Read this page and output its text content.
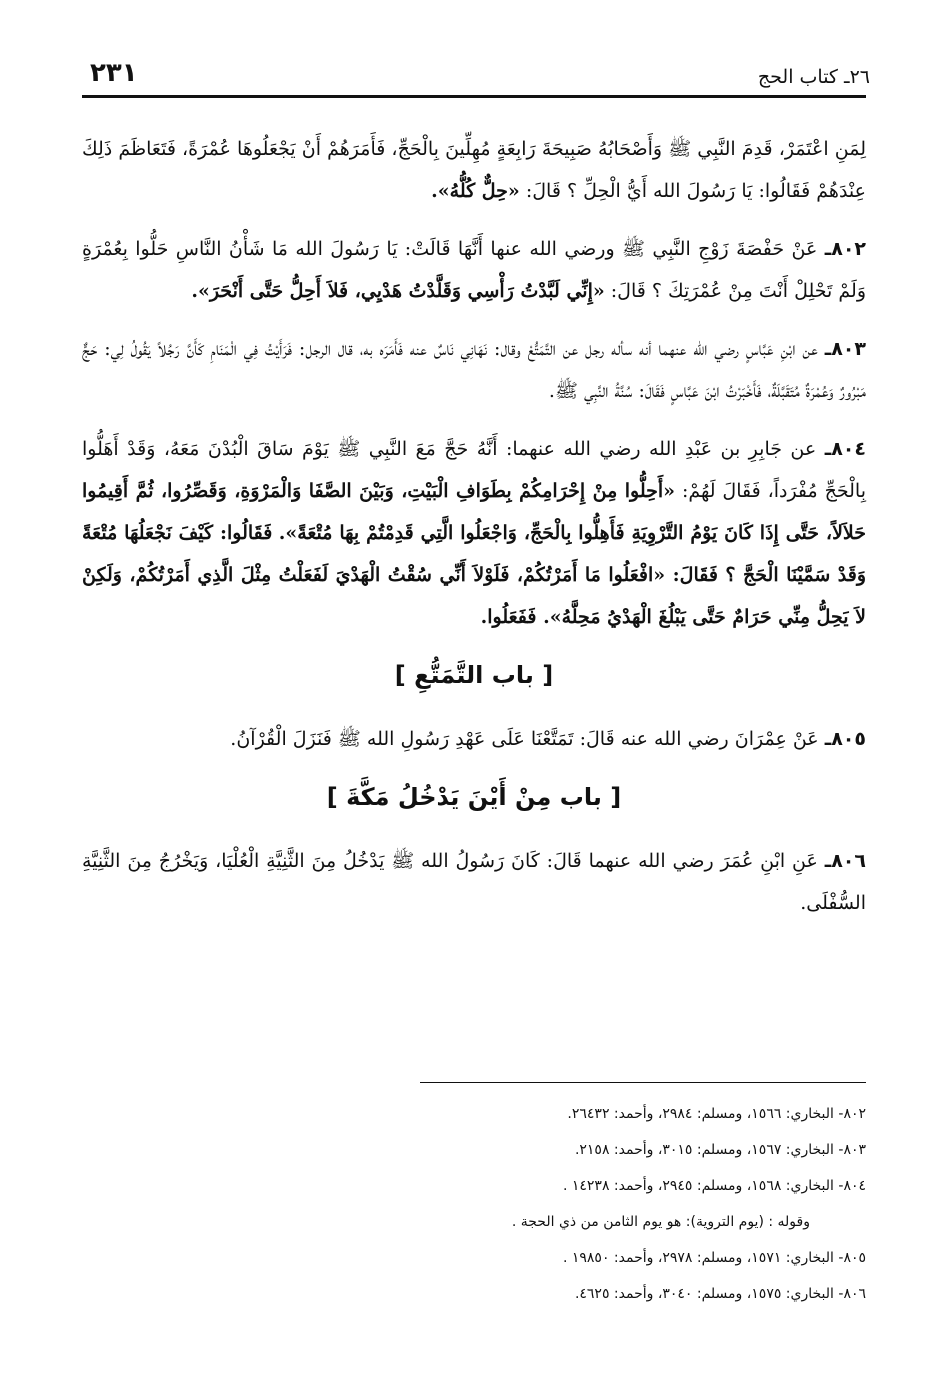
٢٦ـ كتاب الحج
٢٣١

لِمَنِ اعْتَمَرْ، قَدِمَ النَّبِي ﷺ وَأَصْحَابُهُ صَبِيحَةَ رَابِعَةٍ مُهِلِّينَ بِالْحَجِّ، فَأَمَرَهُمْ أَنْ يَجْعَلُوهَا عُمْرَةً، فَتَعَاظَمَ ذَلِكَ عِنْدَهُمْ فَقَالُوا: يَا رَسُولَ الله أَيُّ الْحِلِّ ؟ قَالَ: «حِلٌّ كُلُّهُ».

٨٠٢ـ عَنْ حَفْصَةَ زَوْجِ النَّبِي ﷺ ورضي الله عنها أَنَّهَا قَالَتْ: يَا رَسُولَ الله مَا شَأْنُ النَّاسِ حَلُّوا بِعُمْرَةٍ وَلَمْ تَحْلِلْ أَنْتَ مِنْ عُمْرَتِكَ ؟ قَالَ: «إِنِّي لَبَّدْتُ رَأْسِي وَقَلَّدْتُ هَدْيِي، فَلاَ أَحِلُّ حَتَّى أَنْحَرَ».

٨٠٣ـ عن ابْنِ عَبَّاسٍ رضي الله عنهما أنه سأله رجل عن التَّمَتُّعْ وقال: نَهَانِي نَاسٌ عنه فَأَمَرَه به، قال الرجل: فَرَأَيْتُ فِي الْمَنَامِ كَأَنَّ رَجُلاً يَقُولُ لِي: حَجٌّ مَبْرُورٌ وَعُمْرَةٌ مُتَقَبَّلَةٌ، فَأَخْبَرْتُ ابْنَ عَبَّاسٍ فَقَالَ: سُنَّةُ النَّبِي ﷺ.

٨٠٤ـ عن جَابِرِ بن عَبْدِ الله رضي الله عنهما: أَنَّهُ حَجَّ مَعَ النَّبِي ﷺ يَوْمَ سَاقَ الْبُدْنَ مَعَهُ، وَقَدْ أَهَلُّوا بِالْحَجِّ مُفْرَداً، فَقَالَ لَهُمْ: «أَحِلُّوا مِنْ إِحْرَامِكُمْ بِطَوَافِ الْبَيْتِ، وَبَيْنَ الصَّفَا وَالْمَرْوَةِ، وَقَصِّرُوا، ثُمَّ أَقِيمُوا حَلاَلاً، حَتَّى إِذَا كَانَ يَوْمُ التَّرْوِيَةِ فَأَهِلُّوا بِالْحَجِّ، وَاجْعَلُوا الَّتِي قَدِمْتُمْ بِهَا مُتْعَةً». فَقَالُوا: كَيْفَ نَجْعَلُهَا مُتْعَةً وَقَدْ سَمَّيْنَا الْحَجَّ ؟ فَقَالَ: «افْعَلُوا مَا أَمَرْتُكُمْ، فَلَوْلاَ أَنِّي سُقْتُ الْهَدْيَ لَفَعَلْتُ مِثْلَ الَّذِي أَمَرْتُكُمْ، وَلَكِنْ لاَ يَحِلُّ مِنِّي حَرَامٌ حَتَّى يَبْلُغَ الْهَدْيُ مَحِلَّهُ». فَفَعَلُوا.

[ باب التَّمَتُّعِ ]

٨٠٥ـ عَنْ عِمْرَانَ رضي الله عنه قَالَ: تَمَتَّعْنَا عَلَى عَهْدِ رَسُولِ الله ﷺ فَنَزَلَ الْقُرْآنُ.

[ باب مِنْ أَيْنَ يَدْخُلُ مَكَّةَ ]

٨٠٦ـ عَنِ ابْنِ عُمَرَ رضي الله عنهما قَالَ: كَانَ رَسُولُ الله ﷺ يَدْخُلُ مِنَ الثَّنِيَّةِ الْعُلْيَا، وَيَخْرُجُ مِنَ الثَّنِيَّةِ السُّفْلَى.

٨٠٢- البخاري: ١٥٦٦، ومسلم: ٢٩٨٤، وأحمد: ٢٦٤٣٢.
٨٠٣- البخاري: ١٥٦٧، ومسلم: ٣٠١٥، وأحمد: ٢١٥٨.
٨٠٤- البخاري: ١٥٦٨، ومسلم: ٢٩٤٥، وأحمد: ١٤٢٣٨ .
وقوله : (يوم التروية): هو يوم الثامن من ذي الحجة .
٨٠٥- البخاري: ١٥٧١، ومسلم: ٢٩٧٨، وأحمد: ١٩٨٥٠ .
٨٠٦- البخاري: ١٥٧٥، ومسلم: ٣٠٤٠، وأحمد: ٤٦٢٥.
